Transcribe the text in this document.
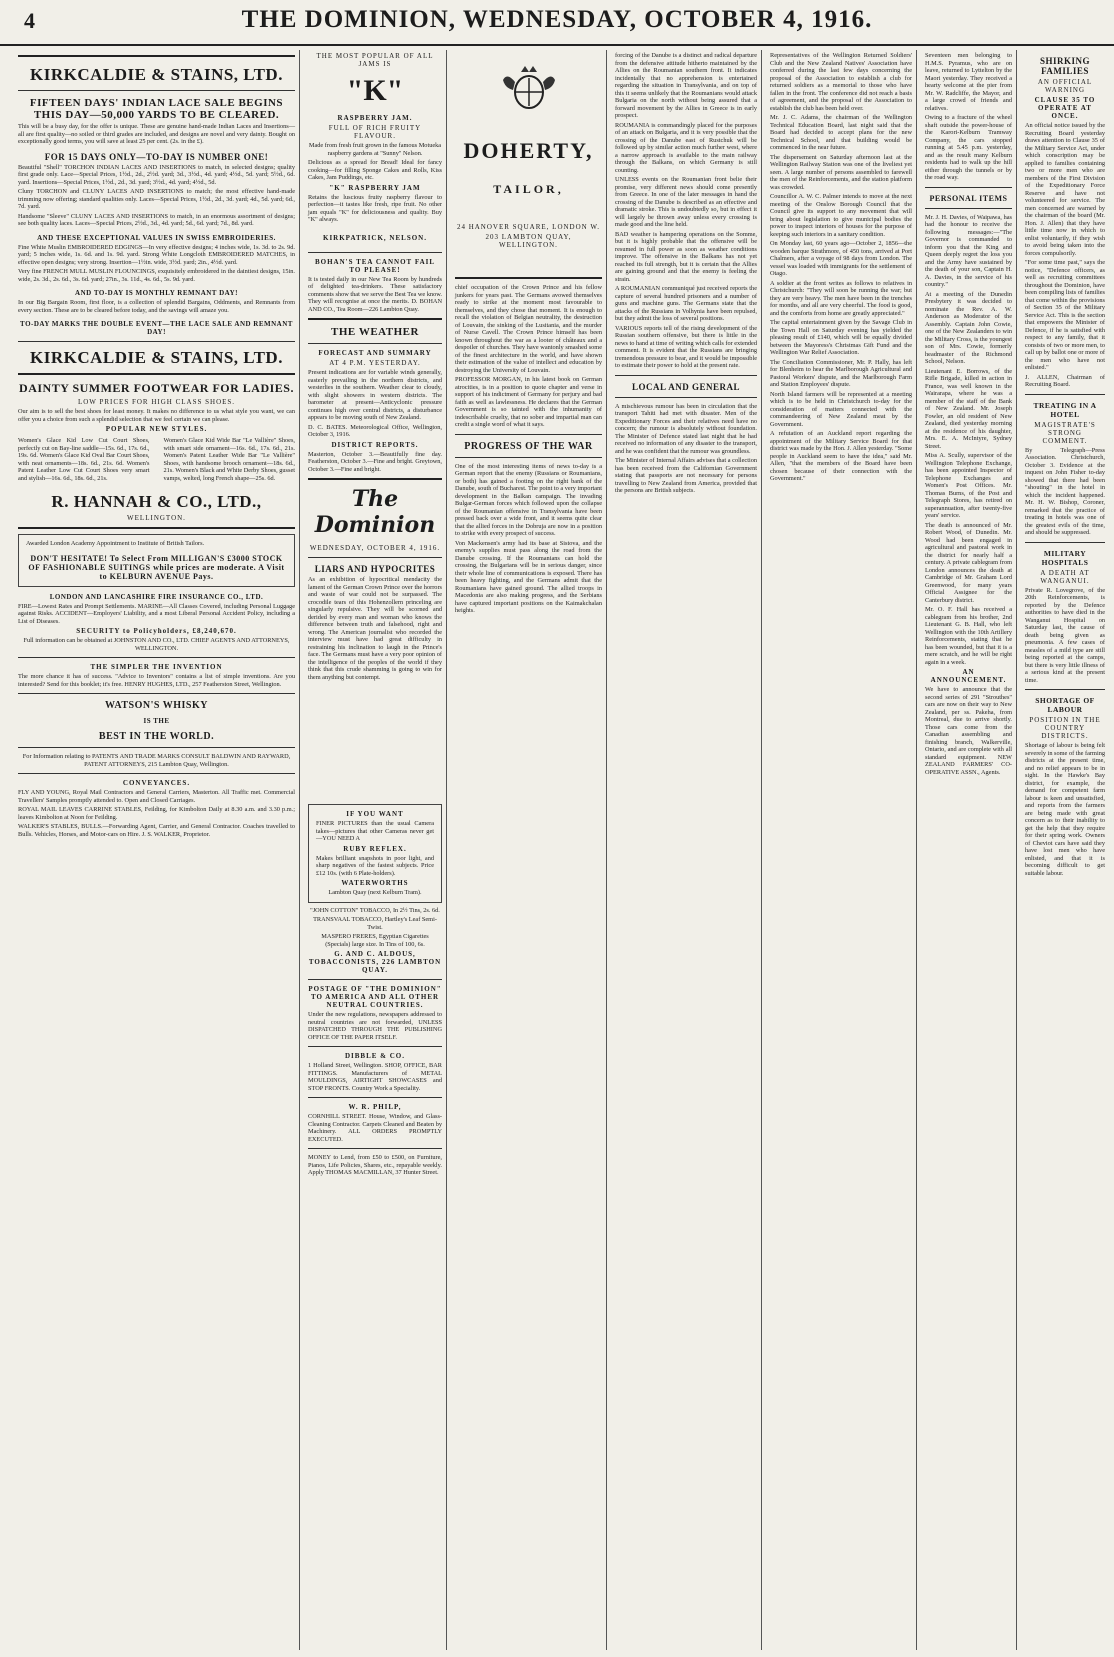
4	THE DOMINION, WEDNESDAY, OCTOBER 4, 1916.
KIRKCALDIE & STAINS, LTD.
FIFTEEN DAYS' INDIAN LACE SALE BEGINS THIS DAY—50,000 YARDS TO BE CLEARED.
This will be a busy day, for the offer is unique. These are genuine hand-made Indian Laces and Insertions—all are first quality—no soiled or third grades are included, and designs are novel and very dainty. Bought on exceptionally good terms, you will save at least 25 per cent. (2s. in the £).
FOR 15 DAYS ONLY—TO-DAY IS NUMBER ONE!
Beautiful "Shell" TORCHON INDIAN LACES AND INSERTIONS to match, in selected designs; quality first grade only. Lace—Special Prices, 1½d., 2d., 2½d. yard; 3d., 3½d., 4d. yard; 4½d., 5d. yard; 5½d., 6d. yard. Insertions—Special Prices, 1½d., 2d., 3d. yard; 3½d., 4d. yard; 4½d., 5d.
Cluny TORCHON and CLUNY LACES AND INSERTIONS to match; the most effective hand-made trimming now offering; standard qualities only. Laces—Special Prices, 1½d., 2d., 3d. yard; 4d., 5d. yard; 6d., 7d. yard.
Handsome "Sleeve" CLUNY LACES AND INSERTIONS to match, in an enormous assortment of designs; see both quality laces. Laces—Special Prices, 2½d., 3d., 4d. yard; 5d., 6d. yard; 7d., 8d. yard.
AND THESE EXCEPTIONAL VALUES IN SWISS EMBROIDERIES.
Fine White Muslin EMBROIDERED EDGINGS—In very effective designs; 4 inches wide, 1s. 3d. to 2s. 9d. yard; 5 inches wide, 1s. 6d. and 1s. 9d. yard. Strong White Longcloth EMBROIDERED MATCHES, in effective open designs; very strong. Insertion—1½in. wide, 3½d. yard; 2in., 4½d. yard.
Very fine FRENCH MULL MUSLIN FLOUNCINGS, exquisitely embroidered in the daintiest designs, 15in. wide, 2s. 3d., 2s. 6d., 3s. 6d. yard; 27in., 3s. 11d., 4s. 6d., 5s. 9d. yard.
AND TO-DAY IS MONTHLY REMNANT DAY!
In our Big Bargain Room, first floor, is a collection of splendid Bargains, Oddments, and Remnants from every section. These are to be cleared before today, and the savings will amaze you.
TO-DAY MARKS THE DOUBLE EVENT—THE LACE SALE AND REMNANT DAY!
KIRKCALDIE & STAINS, LTD.
DAINTY SUMMER FOOTWEAR FOR LADIES.
LOW PRICES FOR HIGH CLASS SHOES.
Our aim is to sell the best shoes for least money. It makes no difference to us what style you want, we can offer you a choice from such a splendid selection that we feel certain we can please.
POPULAR NEW STYLES.
Women's Glace Kid Low Cut Court Shoes, perfectly cut on Bay-line saddle—15s. 6d., 17s. 6d., 19s. 6d. Women's Glace Kid Oval Bar Court Shoes, with neat ornaments—18s. 6d., 21s. 6d. Women's Patent Leather Low Cut Court Shoes very smart and stylish—16s. 6d., 18s. 6d., 21s.
Women's Glace Kid Wide Bar "Le Vallière" Shoes, with smart side ornament—16s. 6d., 17s. 6d., 21s. Women's Patent Leather Wide Bar "Le Vallière" Shoes, with handsome brooch ornament—18s. 6d., 21s. Women's Black and White Derby Shoes, gusset vamps, welted, long French shape—25s. 6d.
R. HANNAH & CO., LTD.,
WELLINGTON.
Awarded London Academy Appointment to Institute of British Tailors.
DON'T HESITATE! To Select From MILLIGAN'S £3000 STOCK OF FASHIONABLE SUITINGS while prices are moderate. A Visit to KELBURN AVENUE Pays.
LONDON AND LANCASHIRE FIRE INSURANCE CO., LTD.
FIRE—Lowest Rates and Prompt Settlements. MARINE—All Classes Covered, including Personal Luggage against Risks. ACCIDENT—Employers' Liability, and a most Liberal Personal Accident Policy, including a List of Diseases.
SECURITY to Policyholders, £8,240,670.
Full information can be obtained at JOHNSTON AND CO., LTD. CHIEF AGENTS AND ATTORNEYS, WELLINGTON.
THE SIMPLER THE INVENTION
The more chance it has of success. "Advice to Inventors" contains a list of simple inventions. Are you interested? Send for this booklet; it's free. HENRY HUGHES, LTD., 257 Featherston Street, Wellington.
WATSON'S WHISKY
IS THE
BEST IN THE WORLD.
For Information relating to PATENTS AND TRADE MARKS CONSULT BALDWIN AND RAYWARD, PATENT ATTORNEYS, 215 Lambton Quay, Wellington.
CONVEYANCES.
FLY AND YOUNG, Royal Mail Contractors and General Carriers, Masterton. All Traffic met. Commercial Travellers' Samples promptly attended to. Open and Closed Carriages.
ROYAL MAIL LEAVES CARRINE STABLES, Feilding, for Kimbolton Daily at 8.30 a.m. and 3.30 p.m.; leaves Kimbolton at Noon for Feilding.
WALKER'S STABLES, BULLS.—Forwarding Agent, Carrier, and General Contractor. Coaches travelled to Bulls. Vehicles, Horses, and Motor-cars on Hire. J. S. WALKER, Proprietor.
THE MOST POPULAR OF ALL JAMS IS
"K"
RASPBERRY JAM.
FULL OF RICH FRUITY FLAVOUR.
Made from fresh fruit grown in the famous Motueka raspberry gardens at "Sunny" Nelson.
Delicious as a spread for Bread! Ideal for fancy cooking—for filling Sponge Cakes and Rolls, Kiss Cakes, Jam Puddings, etc.
"K" RASPBERRY JAM
Retains the luscious fruity raspberry flavour to perfection—it tastes like fresh, ripe fruit. No other jam equals "K" for deliciousness and quality. Buy "K" always.
KIRKPATRICK, NELSON.
BOHAN'S TEA CANNOT FAIL TO PLEASE!
It is tested daily in our New Tea Room by hundreds of delighted tea-drinkers. These satisfactory comments show that we serve the Best Tea we know. They will recognise at once the merits. D. BOHAN AND CO., Tea Room—226 Lambton Quay.
THE WEATHER
FORECAST AND SUMMARY
AT 4 P.M. YESTERDAY.
Present indications are for variable winds generally, easterly prevailing in the northern districts, and westerlies in the southern. Weather clear to cloudy, with slight showers in western districts. The barometer at present—Anticyclonic pressure continues high over central districts, a disturbance appears to be moving south of New Zealand.
D. C. BATES. Meteorological Office, Wellington, October 3, 1916.
DISTRICT REPORTS.
Masterton, October 3.—Beautifully fine day. Featherston, October 3.—Fine and bright. Greytown, October 3.—Fine and bright.
The Dominion
WEDNESDAY, OCTOBER 4, 1916.
LIARS AND HYPOCRITES
As an exhibition of hypocritical mendacity the lament of the German Crown Prince over the horrors and waste of war could not be surpassed. The crocodile tears of this Hohenzollern princeling are singularly repulsive. They will be scorned and derided by every man and woman who knows the difference between truth and falsehood, right and wrong. The American journalist who recorded the interview must have had great difficulty in restraining his inclination to laugh in the Prince's face. The Germans must have a very poor opinion of the intelligence of the peoples of the world if they think that this crude shamming is going to win for them anything but contempt.
IF YOU WANT
FINER PICTURES than the usual Camera takes—pictures that other Cameras never get—YOU NEED A
RUBY REFLEX.
Makes brilliant snapshots in poor light, and sharp negatives of the fastest subjects. Price £12 10s. (with 6 Plate-holders).
WATERWORTHS
Lambton Quay (next Kelburn Tram).
"JOHN COTTON" TOBACCO, In 2½ Tins, 2s. 6d.
TRANSVAAL TOBACCO, Hartley's Leaf Semi-Twist.
MASPERO FRERES, Egyptian Cigarettes (Specials) large size. In Tins of 100, 6s.
G. AND C. ALDOUS, TOBACCONISTS, 226 LAMBTON QUAY.
POSTAGE OF "THE DOMINION" TO AMERICA AND ALL OTHER NEUTRAL COUNTRIES.
Under the new regulations, newspapers addressed to neutral countries are not forwarded, UNLESS DISPATCHED THROUGH THE PUBLISHING OFFICE OF THE PAPER ITSELF.
DIBBLE & CO.
1 Holland Street, Wellington. SHOP, OFFICE, BAR FITTINGS. Manufacturers of METAL MOULDINGS, AIRTIGHT SHOWCASES and STOP FRONTS. Country Work a Speciality.
W. R. PHILP,
CORNHILL STREET. House, Window, and Glass-Cleaning Contractor. Carpets Cleaned and Beaten by Machinery. ALL ORDERS PROMPTLY EXECUTED.
MONEY to Lend, from £50 to £500, on Furniture, Pianos, Life Policies, Shares, etc., repayable weekly. Apply THOMAS MACMILLAN, 37 Hunter Street.
DOHERTY,
TAILOR,
24 HANOVER SQUARE, LONDON W.
203 LAMBTON QUAY, WELLINGTON.
chief occupation of the Crown Prince and his fellow junkers for years past. The Germans avowed themselves ready to strike at the moment most favourable to themselves, and they chose that moment. It is enough to recall the violation of Belgian neutrality, the destruction of Louvain, the sinking of the Lusitania, and the murder of Nurse Cavell. The Crown Prince himself has been known throughout the war as a looter of châteaux and a despoiler of churches. They have wantonly smashed some of the finest architecture in the world, and have shown their estimation of the value of intellect and education by destroying the University of Louvain.
PROFESSOR MORGAN, in his latest book on German atrocities, is in a position to quote chapter and verse in support of his indictment of Germany for perjury and bad faith as well as lawlessness. He declares that the German Government is so tainted with the inhumanity of indescribable cruelty, that no sober and impartial man can credit a single word of what it says.
PROGRESS OF THE WAR
One of the most interesting items of news to-day is a German report that the enemy (Russians or Roumanians, or both) has gained a footing on the right bank of the Danube, south of Bucharest. The point to a very important development in the Balkan campaign. The invading Bulgar-German forces which followed upon the collapse of the Roumanian offensive in Transylvania have been pressed back over a wide front, and it seems quite clear that the allied forces in the Dobruja are now in a position to strike with every prospect of success.
Von Mackensen's army had its base at Sistova, and the enemy's supplies must pass along the road from the Danube crossing. If the Roumanians can hold the crossing, the Bulgarians will be in serious danger, since their whole line of communications is exposed. There has been heavy fighting, and the Germans admit that the Roumanians have gained ground. The allied troops in Macedonia are also making progress, and the Serbians have captured important positions on the Kaimakchalan heights.
forcing of the Danube is a distinct and radical departure from the defensive attitude hitherto maintained by the Allies on the Roumanian southern front. It indicates incidentally that no apprehension is entertained regarding the situation in Transylvania, and on top of this it seems unlikely that the Roumanians would attack Bulgaria on the north without being assured that a forward movement by the Allies in Greece is in early prospect.
ROUMANIA is commandingly placed for the purposes of an attack on Bulgaria, and it is very possible that the crossing of the Danube east of Rustchuk will be followed up by similar action much further west, where a narrow approach is available to the main railway through the Balkans, on which Germany is still counting.
UNLESS events on the Roumanian front belie their promise, very different news should come presently from Greece. In one of the later messages in hand the crossing of the Danube is described as an effective and dramatic stroke. This is undoubtedly so, but in effect it will largely be thrown away unless every crossing is made good and the line held.
BAD weather is hampering operations on the Somme, but it is highly probable that the offensive will be resumed in full power as soon as weather conditions improve. The offensive in the Balkans has not yet reached its full strength, but it is certain that the Allies are gaining ground and that the enemy is feeling the strain.
A ROUMANIAN communiqué just received reports the capture of several hundred prisoners and a number of guns and machine guns. The Germans state that the attacks of the Russians in Volhynia have been repulsed, but they admit the loss of several positions.
VARIOUS reports tell of the rising development of the Russian southern offensive, but there is little in the news to hand at time of writing which calls for extended comment. It is evident that the Russians are bringing tremendous pressure to bear, and it would be impossible to estimate their power to hold at the present rate.
LOCAL AND GENERAL
A mischievous rumour has been in circulation that the transport Tahiti had met with disaster. Men of the Expeditionary Forces and their relatives need have no concern; the rumour is absolutely without foundation. The Minister of Defence stated last night that he had received no information of any disaster to the transport, and he was confident that the rumour was groundless.
The Minister of Internal Affairs advises that a collection has been received from the Californian Government stating that passports are not necessary for persons travelling to New Zealand from America, provided that the persons are British subjects.
Representatives of the Wellington Returned Soldiers' Club and the New Zealand Natives' Association have conferred during the last few days concerning the proposal of the Association to establish a club for returned soldiers as a memorial to those who have fallen in the front. The conference did not reach a basis of agreement, and the proposal of the Association to establish the club has been held over.
Mr. J. C. Adams, the chairman of the Wellington Technical Education Board, last night said that the Board had decided to accept plans for the new Technical School, and that building would be commenced in the near future.
The dispersement on Saturday afternoon last at the Wellington Railway Station was one of the liveliest yet seen. A large number of persons assembled to farewell the men of the Reinforcements, and the station platform was crowded.
Councillor A. W. C. Palmer intends to move at the next meeting of the Onslow Borough Council that the Council give its support to any movement that will bring about legislation to give municipal bodies the power to inspect interiors of houses for the purpose of keeping such interiors in a sanitary condition.
On Monday last, 60 years ago—October 2, 1856—the wooden barque Strathmore, of 450 tons, arrived at Port Chalmers, after a voyage of 98 days from London. The vessel was loaded with immigrants for the settlement of Otago.
A soldier at the front writes as follows to relatives in Christchurch: "They will soon be running the war; but they are very heavy. The men have been in the trenches for months, and all are very cheerful. The food is good, and the comforts from home are greatly appreciated."
The capital entertainment given by the Savage Club in the Town Hall on Saturday evening has yielded the pleasing result of £140, which will be equally divided between the Mayoress's Christmas Gift Fund and the Wellington War Relief Association.
The Conciliation Commissioner, Mr. P. Hally, has left for Blenheim to hear the Marlborough Agricultural and Pastoral Workers' dispute, and the Marlborough Farm and Station Employees' dispute.
North Island farmers will be represented at a meeting which is to be held in Christchurch to-day for the consideration of matters connected with the commandeering of New Zealand meat by the Government.
A refutation of an Auckland report regarding the appointment of the Military Service Board for that district was made by the Hon. J. Allen yesterday. "Some people in Auckland seem to have the idea," said Mr. Allen, "that the members of the Board have been chosen because of their connection with the Government."
Seventeen men belonging to H.M.S. Pyramus, who are on leave, returned to Lyttelton by the Maori yesterday. They received a hearty welcome at the pier from Mr. W. Radcliffe, the Mayor, and a large crowd of friends and relatives.
Owing to a fracture of the wheel shaft outside the power-house of the Karori-Kelburn Tramway Company, the cars stopped running at 5.45 p.m. yesterday, and as the result many Kelburn residents had to walk up the hill either through the tunnels or by the road way.
PERSONAL ITEMS
Mr. J. H. Davies, of Waipawa, has had the honour to receive the following messages:—"The Governor is commanded to inform you that the King and Queen deeply regret the loss you and the Army have sustained by the death of your son, Captain H. A. Davies, in the service of his country."
At a meeting of the Dunedin Presbytery it was decided to nominate the Rev. A. W. Anderson as Moderator of the Assembly. Captain John Cowie, one of the New Zealanders to win the Military Cross, is the youngest son of Mrs. Cowie, formerly headmaster of the Richmond School, Nelson.
Lieutenant E. Borrows, of the Rifle Brigade, killed in action in France, was well known in the Wairarapa, where he was a member of the staff of the Bank of New Zealand. Mr. Joseph Fowler, an old resident of New Zealand, died yesterday morning at the residence of his daughter, Mrs. E. A. McIntyre, Sydney Street.
Miss A. Scully, supervisor of the Wellington Telephone Exchange, has been appointed Inspector of Telephone Exchanges and Women's Post Offices. Mr. Thomas Burns, of the Post and Telegraph Stores, has retired on superannuation, after twenty-five years' service.
The death is announced of Mr. Robert Wood, of Dunedin. Mr. Wood had been engaged in agricultural and pastoral work in the district for nearly half a century. A private cablegram from London announces the death at Cambridge of Mr. Graham Lord Greenwood, for many years Official Assignee for the Canterbury district.
Mr. O. F. Hall has received a cablegram from his brother, 2nd Lieutenant G. B. Hall, who left Wellington with the 10th Artillery Reinforcements, stating that he has been wounded, but that it is a mere scratch, and he will be right again in a week.
AN ANNOUNCEMENT.
We have to announce that the second series of 291 "Strouthes" cars are now on their way to New Zealand, per ss. Pakeha, from Montreal, due to arrive shortly. Those cars come from the Canadian assembling and finishing branch, Walkerville, Ontario, and are complete with all standard equipment. NEW ZEALAND FARMERS' CO-OPERATIVE ASSN., Agents.
SHIRKING FAMILIES
AN OFFICIAL WARNING
CLAUSE 35 TO OPERATE AT ONCE.
An official notice issued by the Recruiting Board yesterday draws attention to Clause 35 of the Military Service Act, under which conscription may be applied to families containing two or more men who are members of the First Division of the Expeditionary Force Reserve and have not volunteered for service. The men concerned are warned by the chairman of the board (Mr. Hon. J. Allen) that they have little time now in which to enlist voluntarily, if they wish to avoid being taken into the forces compulsorily.
"For some time past," says the notice, "Defence officers, as well as recruiting committees throughout the Dominion, have been compiling lists of families that come within the provisions of Section 35 of the Military Service Act. This is the section that empowers the Minister of Defence, if he is satisfied with respect to any family, that it consists of two or more men, to call up by ballot one or more of the men who have not enlisted."
J. ALLEN, Chairman of Recruiting Board.
TREATING IN A HOTEL
MAGISTRATE'S STRONG COMMENT.
By Telegraph—Press Association. Christchurch, October 3. Evidence at the inquest on John Fisher to-day showed that there had been "shouting" in the hotel in which the incident happened. Mr. H. W. Bishop, Coroner, remarked that the practice of treating in hotels was one of the greatest evils of the time, and should be suppressed.
MILITARY HOSPITALS
A DEATH AT WANGANUI.
Private R. Lovegrove, of the 20th Reinforcements, is reported by the Defence authorities to have died in the Wanganui Hospital on Saturday last, the cause of death being given as pneumonia. A few cases of measles of a mild type are still being reported at the camps, but there is very little illness of a serious kind at the present time.
SHORTAGE OF LABOUR
POSITION IN THE COUNTRY DISTRICTS.
Shortage of labour is being felt severely in some of the farming districts at the present time, and no relief appears to be in sight. In the Hawke's Bay district, for example, the demand for competent farm labour is keen and unsatisfied, and reports from the farmers are being made with great concern as to their inability to get the help that they require for their spring work. Owners of Cheviot cars have said they have lost men who have enlisted, and that it is becoming difficult to get suitable labour.
